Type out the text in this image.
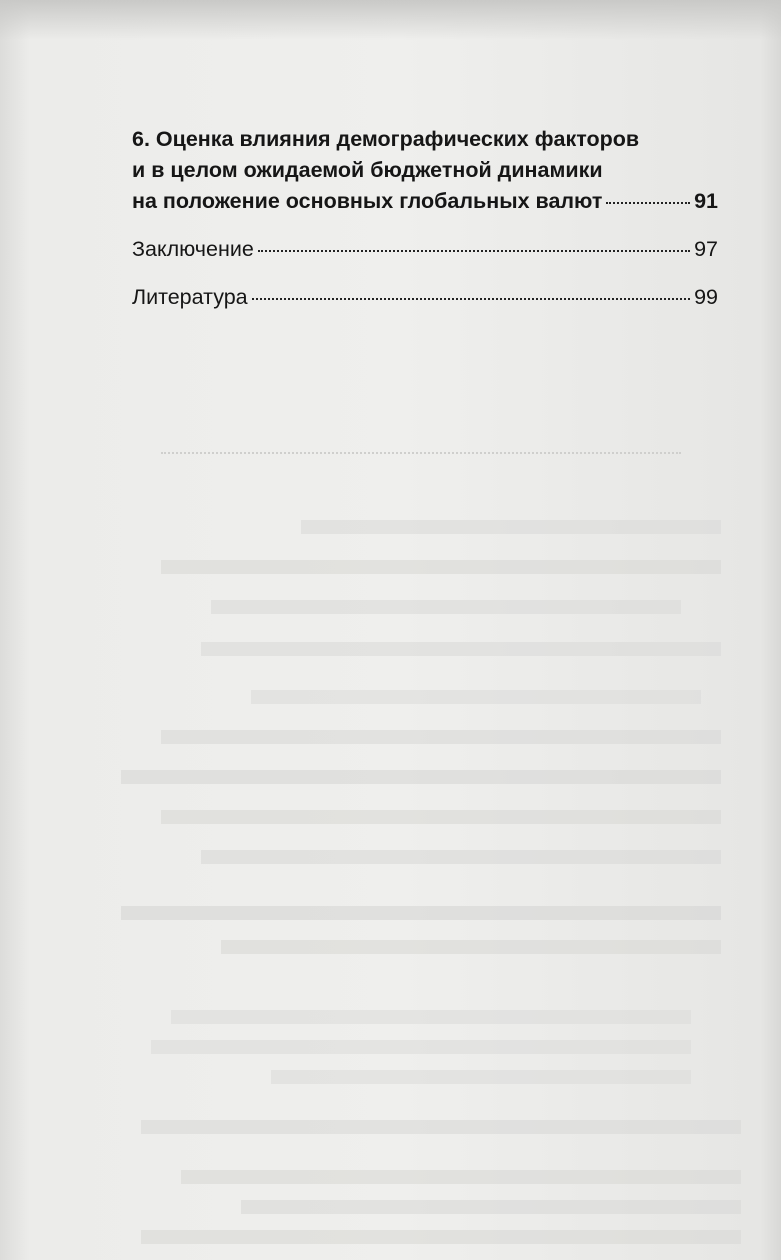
6. Оценка влияния демографических факторов
и в целом ожидаемой бюджетной динамики
на положение основных глобальных валют	91
Заключение	97
Литература	99
